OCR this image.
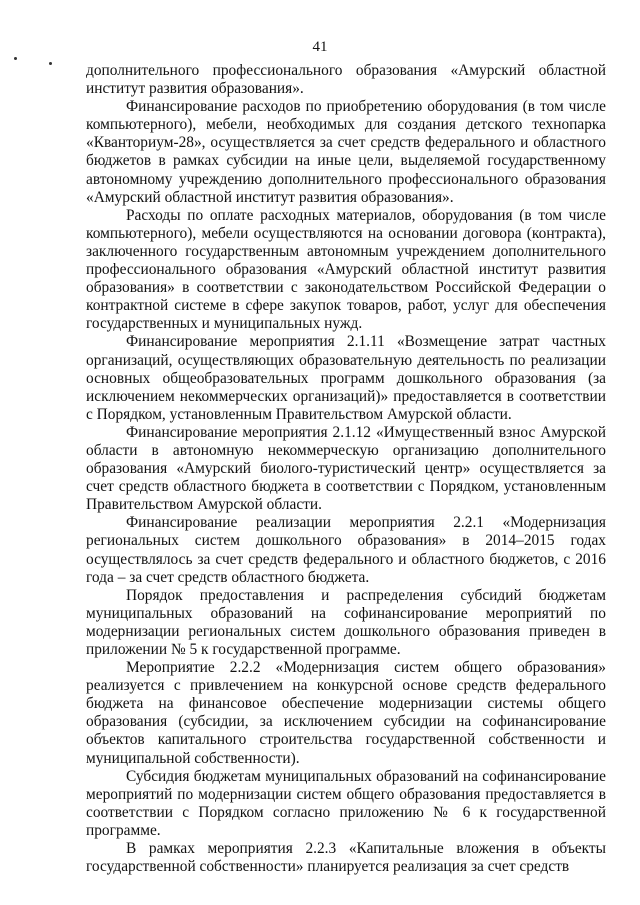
41

дополнительного профессионального образования «Амурский областной институт развития образования».

Финансирование расходов по приобретению оборудования (в том числе компьютерного), мебели, необходимых для создания детского технопарка «Кванториум-28», осуществляется за счет средств федерального и областного бюджетов в рамках субсидии на иные цели, выделяемой государственному автономному учреждению дополнительного профессионального образования «Амурский областной институт развития образования».

Расходы по оплате расходных материалов, оборудования (в том числе компьютерного), мебели осуществляются на основании договора (контракта), заключенного государственным автономным учреждением дополнительного профессионального образования «Амурский областной институт развития образования» в соответствии с законодательством Российской Федерации о контрактной системе в сфере закупок товаров, работ, услуг для обеспечения государственных и муниципальных нужд.

Финансирование мероприятия 2.1.11 «Возмещение затрат частных организаций, осуществляющих образовательную деятельность по реализации основных общеобразовательных программ дошкольного образования (за исключением некоммерческих организаций)» предоставляется в соответствии с Порядком, установленным Правительством Амурской области.

Финансирование мероприятия 2.1.12 «Имущественный взнос Амурской области в автономную некоммерческую организацию дополнительного образования «Амурский биолого-туристический центр» осуществляется за счет средств областного бюджета в соответствии с Порядком, установленным Правительством Амурской области.

Финансирование реализации мероприятия 2.2.1 «Модернизация региональных систем дошкольного образования» в 2014–2015 годах осуществлялось за счет средств федерального и областного бюджетов, с 2016 года – за счет средств областного бюджета.

Порядок предоставления и распределения субсидий бюджетам муниципальных образований на софинансирование мероприятий по модернизации региональных систем дошкольного образования приведен в приложении № 5 к государственной программе.

Мероприятие 2.2.2 «Модернизация систем общего образования» реализуется с привлечением на конкурсной основе средств федерального бюджета на финансовое обеспечение модернизации системы общего образования (субсидии, за исключением субсидии на софинансирование объектов капитального строительства государственной собственности и муниципальной собственности).

Субсидия бюджетам муниципальных образований на софинансирование мероприятий по модернизации систем общего образования предоставляется в соответствии с Порядком согласно приложению № 6 к государственной программе.

В рамках мероприятия 2.2.3 «Капитальные вложения в объекты государственной собственности» планируется реализация за счет средств
